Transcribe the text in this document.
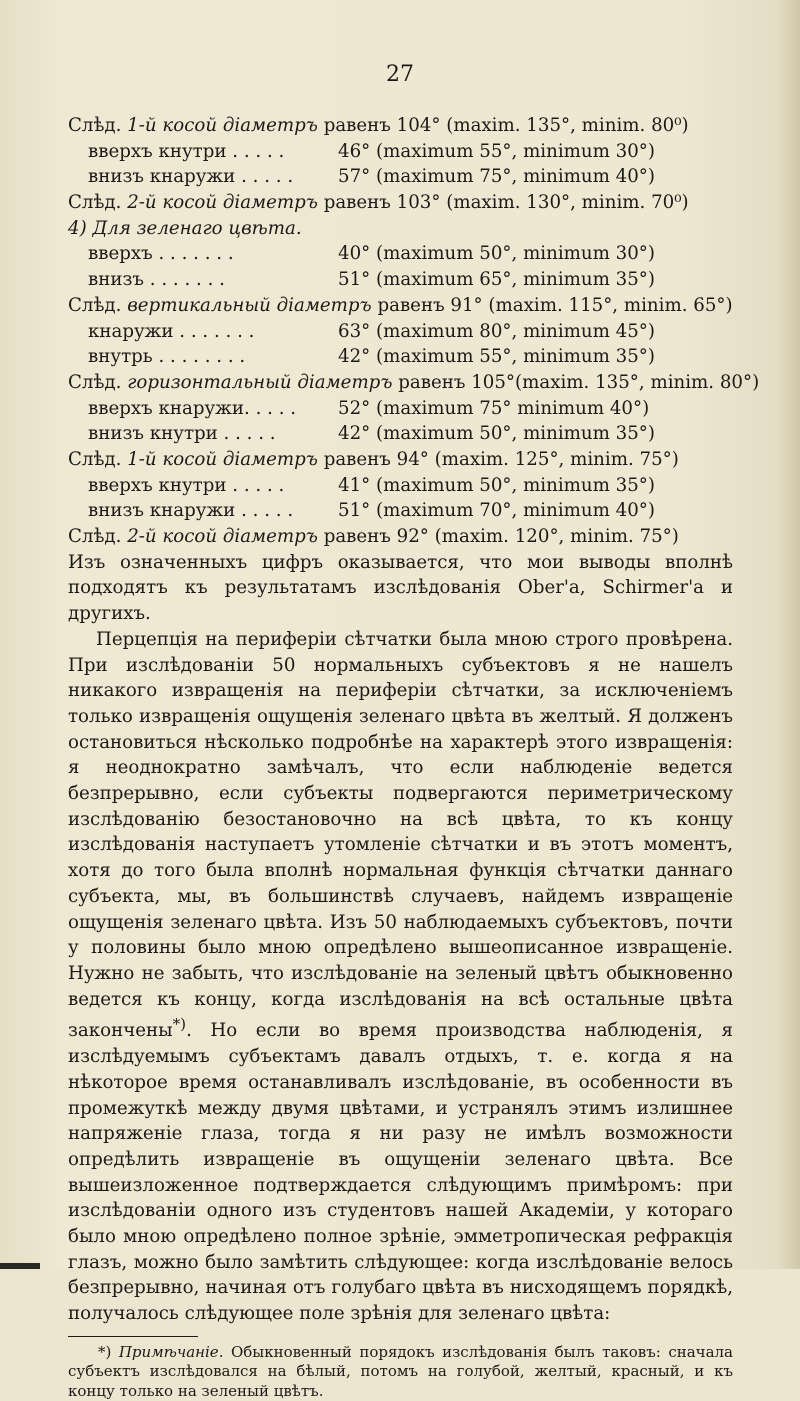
27
Слѣд. 1-й косой діаметръ равенъ 104° (maxim. 135°, minim. 80⁰)
вверхъ кнутри . . . . .	46° (maximum 55°, minimum 30°)
внизъ кнаружи . . . . .	57° (maximum 75°, minimum 40°)
Слѣд. 2-й косой діаметръ равенъ 103° (maxim. 130°, minim. 70⁰)
4) Для зеленаго цвѣта.
вверхъ . . . . . . .	40° (maximum 50°, minimum 30°)
внизъ . . . . . . .	51° (maximum 65°, minimum 35°)
Слѣд. вертикальный діаметръ равенъ 91° (maxim. 115°, minim. 65°)
кнаружи . . . . . . .	63° (maximum 80°, minimum 45°)
внутрь . . . . . . . .	42° (maximum 55°, minimum 35°)
Слѣд. горизонтальный діаметръ равенъ 105°(maxim. 135°, minim. 80°)
вверхъ кнаружи. . . . .	52° (maximum 75° minimum 40°)
внизъ кнутри . . . . .	42° (maximum 50°, minimum 35°)
Слѣд. 1-й косой діаметръ равенъ 94° (maxim. 125°, minim. 75°)
вверхъ кнутри . . . . .	41° (maximum 50°, minimum 35°)
внизъ кнаружи . . . . .	51° (maximum 70°, minimum 40°)
Слѣд. 2-й косой діаметръ равенъ 92° (maxim. 120°, minim. 75°)

Изъ означенныхъ цифръ оказывается, что мои выводы вполнѣ подходятъ къ результатамъ изслѣдованія Ober'а, Schirmer'а и другихъ.

Перцепція на периферіи сѣтчатки была мною строго провѣрена. При изслѣдованіи 50 нормальныхъ субъектовъ я не нашелъ никакого извращенія на периферіи сѣтчатки, за исключеніемъ только извращенія ощущенія зеленаго цвѣта въ желтый. Я долженъ остановиться нѣсколько подробнѣе на характерѣ этого извращенія: я неоднократно замѣчалъ, что если наблюденіе ведется безпрерывно, если субъекты подвергаются периметрическому изслѣдованію безостановочно на всѣ цвѣта, то къ концу изслѣдованія наступаетъ утомленіе сѣтчатки и въ этотъ моментъ, хотя до того была вполнѣ нормальная функція сѣтчатки даннаго субъекта, мы, въ большинствѣ случаевъ, найдемъ извращеніе ощущенія зеленаго цвѣта. Изъ 50 наблюдаемыхъ субъектовъ, почти у половины было мною опредѣлено вышеописанное извращеніе. Нужно не забыть, что изслѣдованіе на зеленый цвѣтъ обыкновенно ведется къ концу, когда изслѣдованія на всѣ остальные цвѣта закончены*). Но если во время производства наблюденія, я изслѣдуемымъ субъектамъ давалъ отдыхъ, т. е. когда я на нѣкоторое время останавливалъ изслѣдованіе, въ особенности въ промежуткѣ между двумя цвѣтами, и устранялъ этимъ излишнее напряженіе глаза, тогда я ни разу не имѣлъ возможности опредѣлить извращеніе въ ощущеніи зеленаго цвѣта. Все вышеизложенное подтверждается слѣдующимъ примѣромъ: при изслѣдованіи одного изъ студентовъ нашей Академіи, у котораго было мною опредѣлено полное зрѣніе, эмметропическая рефракція глазъ, можно было замѣтить слѣдующее: когда изслѣдованіе велось безпрерывно, начиная отъ голубаго цвѣта въ нисходящемъ порядкѣ, получалось слѣдующее поле зрѣнія для зеленаго цвѣта:

*) Примѣчаніе. Обыкновенный порядокъ изслѣдованія былъ таковъ: сначала субъектъ изслѣдовался на бѣлый, потомъ на голубой, желтый, красный, и къ концу только на зеленый цвѣтъ.
